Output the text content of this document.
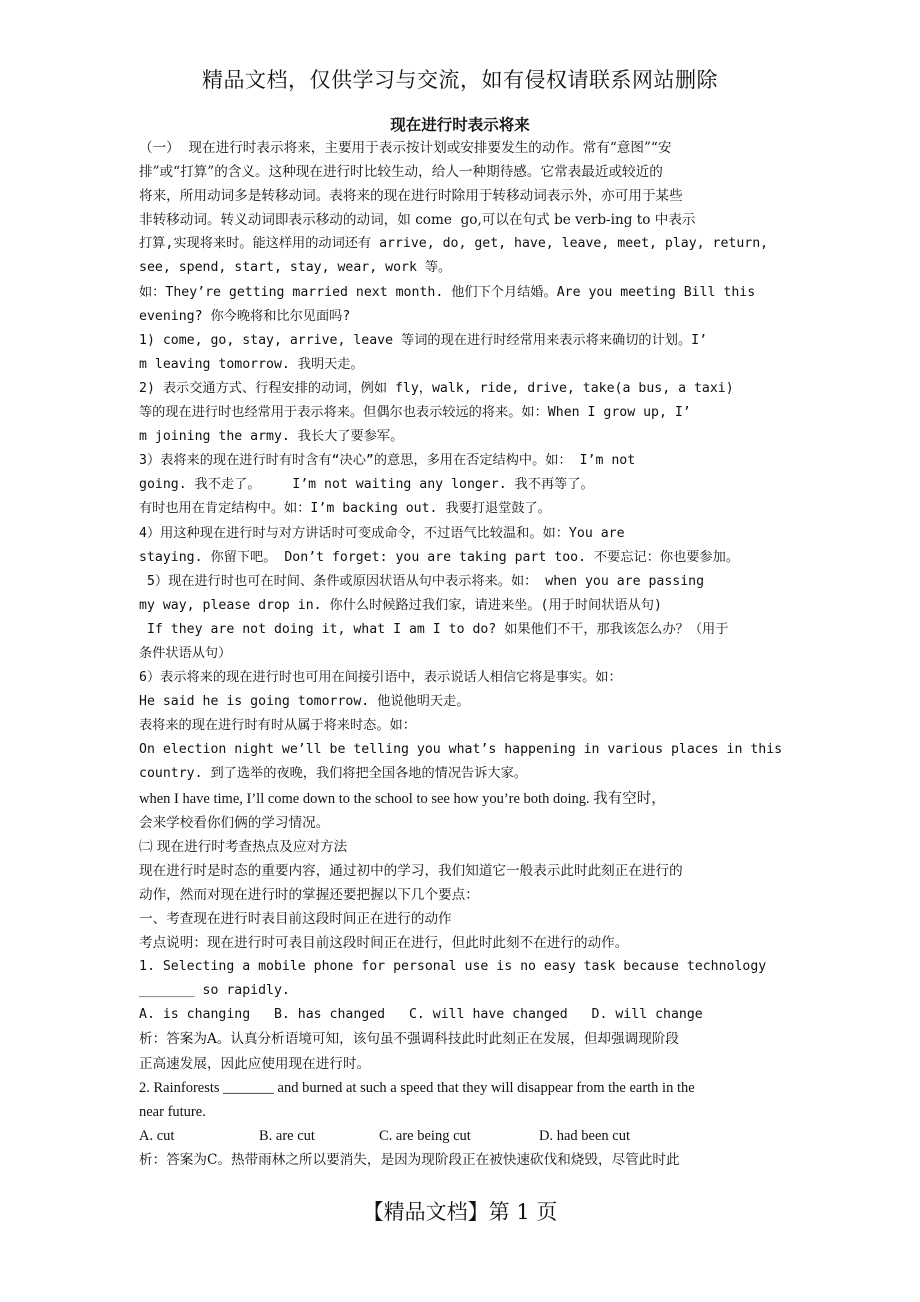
精品文档，仅供学习与交流，如有侵权请联系网站删除
现在进行时表示将来
（一）  现在进行时表示将来，主要用于表示按计划或安排要发生的动作。常有“意图”“安
排”或“打算”的含义。这种现在进行时比较生动，给人一种期待感。它常表最近或较近的
将来，所用动词多是转移动词。表将来的现在进行时除用于转移动词表示外，亦可用于某些
非转移动词。转义动词即表示移动的动词，如 come  go,可以在句式 be verb-ing to 中表示
打算,实现将来时。能这样用的动词还有 arrive, do, get, have, leave, meet, play, return,
see, spend, start, stay, wear, work 等。
如：They’re getting married next month. 他们下个月结婚。Are you meeting Bill this
evening? 你今晚将和比尔见面吗?
1) come, go, stay, arrive, leave 等词的现在进行时经常用来表示将来确切的计划。I’
m leaving tomorrow. 我明天走。
2) 表示交通方式、行程安排的动词，例如 fly，walk, ride, drive, take(a bus, a taxi)
等的现在进行时也经常用于表示将来。但偶尔也表示较远的将来。如：When I grow up, I’
m joining the army. 我长大了要参军。
3）表将来的现在进行时有时含有“决心”的意思，多用在否定结构中。如： I’m not
going. 我不走了。    I’m not waiting any longer. 我不再等了。
有时也用在肯定结构中。如：I’m backing out. 我要打退堂鼓了。
4）用这种现在进行时与对方讲话时可变成命令，不过语气比较温和。如：You are
staying. 你留下吧。 Don’t forget: you are taking part too. 不要忘记：你也要参加。
5）现在进行时也可在时间、条件或原因状语从句中表示将来。如： when you are passing
my way, please drop in. 你什么时候路过我们家，请进来坐。(用于时间状语从句)
If they are not doing it, what I am I to do? 如果他们不干，那我该怎么办？（用于
条件状语从句）
6）表示将来的现在进行时也可用在间接引语中，表示说话人相信它将是事实。如：
He said he is going tomorrow. 他说他明天走。
表将来的现在进行时有时从属于将来时态。如：
On election night we’ll be telling you what’s happening in various places in this
country. 到了选举的夜晚，我们将把全国各地的情况告诉大家。
when I have time, I’ll come down to the school to see how you’re both doing. 我有空时，
会来学校看你们俩的学习情况。
㈡ 现在进行时考查热点及应对方法
现在进行时是时态的重要内容，通过初中的学习，我们知道它一般表示此时此刻正在进行的
动作，然而对现在进行时的掌握还要把握以下几个要点：
一、考查现在进行时表目前这段时间正在进行的动作
考点说明：现在进行时可表目前这段时间正在进行，但此时此刻不在进行的动作。
1. Selecting a mobile phone for personal use is no easy task because technology
_______ so rapidly.
A. is changing   B. has changed   C. will have changed   D. will change
析：答案为A。认真分析语境可知，该句虽不强调科技此时此刻正在发展，但却强调现阶段
正高速发展，因此应使用现在进行时。
2. Rainforests _______ and burned at such a speed that they will disappear from the earth in the
near future.
A. cut	B. are cut	C. are being cut	D. had been cut
析：答案为C。热带雨林之所以要消失，是因为现阶段正在被快速砍伐和烧毁，尽管此时此
【精品文档】第 1 页
